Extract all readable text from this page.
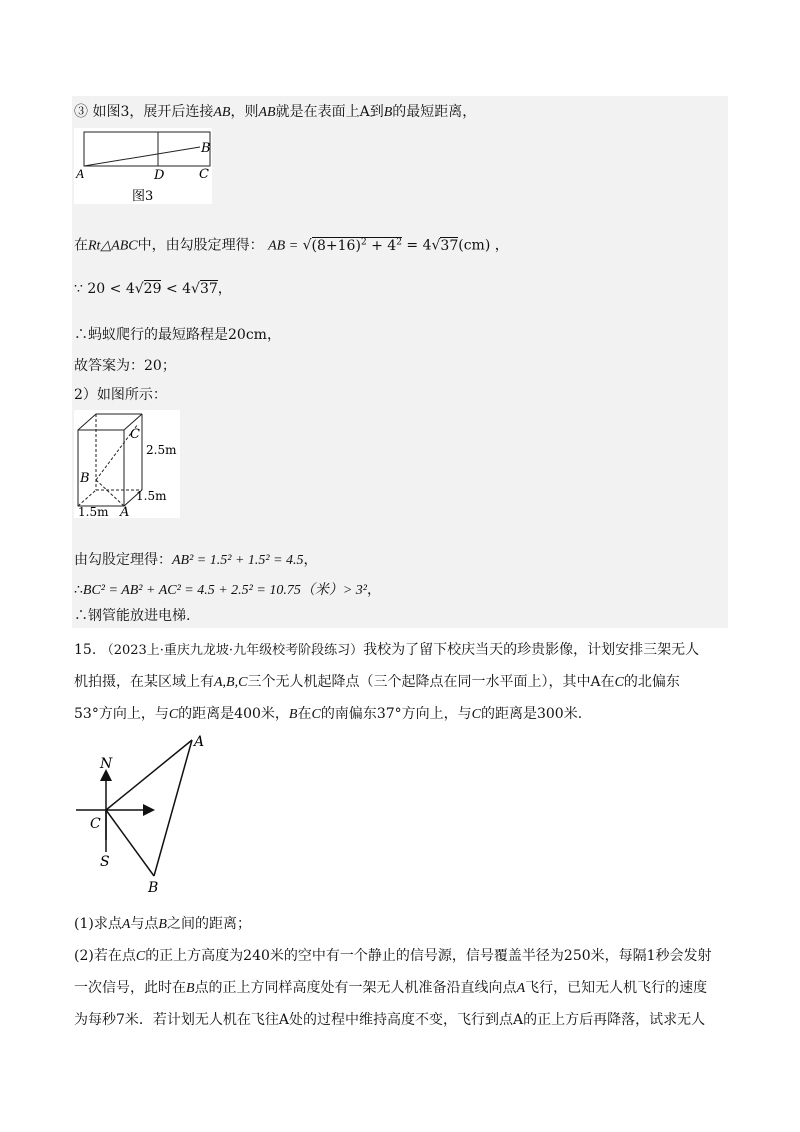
③ 如图3，展开后连接AB，则AB就是在表面上A到B的最短距离，
A
B
C
D
图3
在Rt△ABC中，由勾股定理得： AB = $√(8+16)^2 + 4^2 = 4√37(cm)$ ，
∵ 20 < 4√29 < 4√37，
∴蚂蚁爬行的最短路程是20cm，
故答案为：20；
2）如图所示：
C
B
A
2.5m
1.5m
1.5m
由勾股定理得：AB² = 1.5² + 1.5² = 4.5，
∴BC² = AB² + AC² = 4.5 + 2.5² = 10.75（米）> 3²，
∴钢管能放进电梯.
15. （2023上·重庆九龙坡·九年级校考阶段练习）我校为了留下校庆当天的珍贵影像，计划安排三架无人
机拍摄，在某区域上有A,B,C三个无人机起降点（三个起降点在同一水平面上），其中A在C的北偏东
53°方向上，与C的距离是400米，B在C的南偏东37°方向上，与C的距离是300米.
A
N
C
S
B
(1)求点A与点B之间的距离；
(2)若在点C的正上方高度为240米的空中有一个静止的信号源，信号覆盖半径为250米，每隔1秒会发射
一次信号，此时在B点的正上方同样高度处有一架无人机准备沿直线向点A飞行，已知无人机飞行的速度
为每秒7米．若计划无人机在飞往A处的过程中维持高度不变，飞行到点A的正上方后再降落，试求无人
